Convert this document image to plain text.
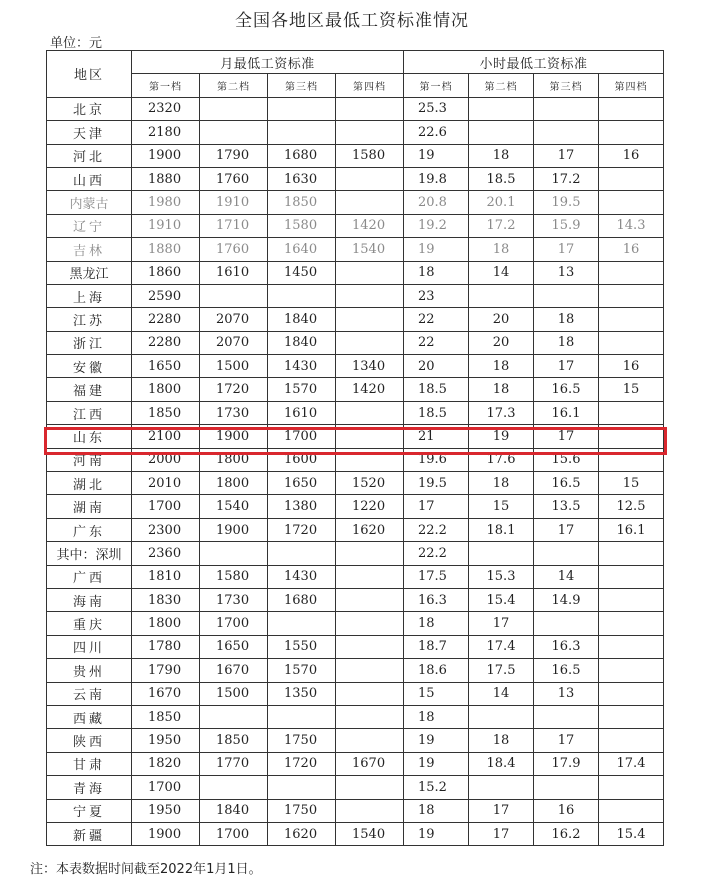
全国各地区最低工资标准情况
单位：元
地区	月最低工资标准				小时最低工资标准			
	第一档	第二档	第三档	第四档	第一档	第二档	第三档	第四档
北京	2320				25.3			
天津	2180				22.6			
河北	1900	1790	1680	1580	19	18	17	16
山西	1880	1760	1630		19.8	18.5	17.2	
内蒙古	1980	1910	1850		20.8	20.1	19.5	
辽宁	1910	1710	1580	1420	19.2	17.2	15.9	14.3
吉林	1880	1760	1640	1540	19	18	17	16
黑龙江	1860	1610	1450		18	14	13	
上海	2590				23			
江苏	2280	2070	1840		22	20	18	
浙江	2280	2070	1840		22	20	18	
安徽	1650	1500	1430	1340	20	18	17	16
福建	1800	1720	1570	1420	18.5	18	16.5	15
江西	1850	1730	1610		18.5	17.3	16.1	
山东	2100	1900	1700		21	19	17	
河南	2000	1800	1600		19.6	17.6	15.6	
湖北	2010	1800	1650	1520	19.5	18	16.5	15
湖南	1700	1540	1380	1220	17	15	13.5	12.5
广东	2300	1900	1720	1620	22.2	18.1	17	16.1
其中：深圳	2360				22.2			
广西	1810	1580	1430		17.5	15.3	14	
海南	1830	1730	1680		16.3	15.4	14.9	
重庆	1800	1700			18	17		
四川	1780	1650	1550		18.7	17.4	16.3	
贵州	1790	1670	1570		18.6	17.5	16.5	
云南	1670	1500	1350		15	14	13	
西藏	1850				18			
陕西	1950	1850	1750		19	18	17	
甘肃	1820	1770	1720	1670	19	18.4	17.9	17.4
青海	1700				15.2			
宁夏	1950	1840	1750		18	17	16	
新疆	1900	1700	1620	1540	19	17	16.2	15.4
注：本表数据时间截至2022年1月1日。
